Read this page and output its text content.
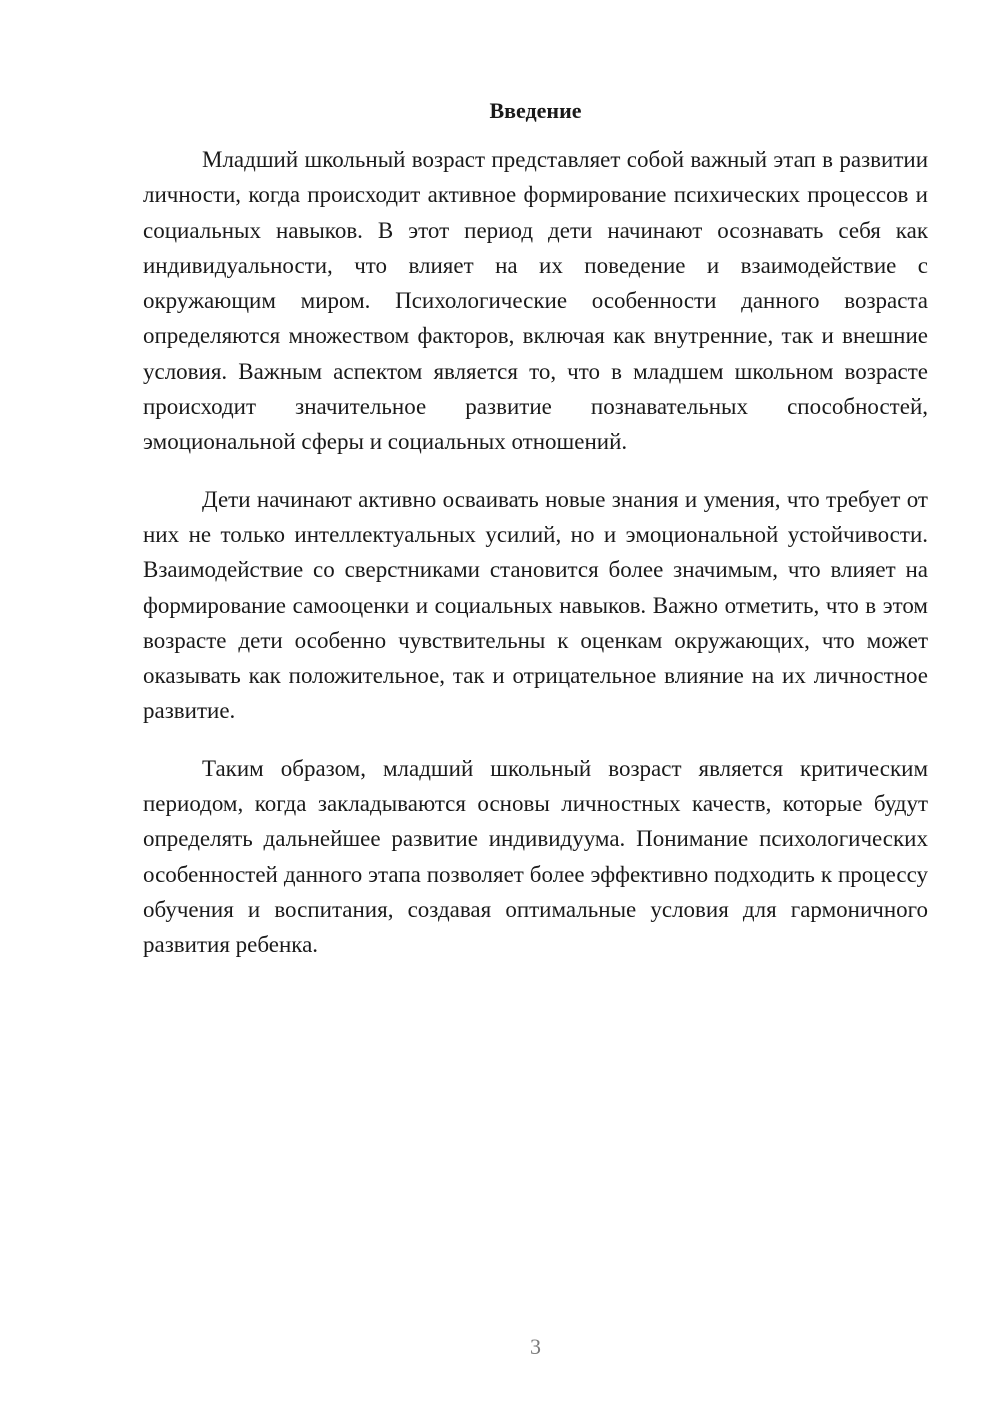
Введение

Младший школьный возраст представляет собой важный этап в развитии личности, когда происходит активное формирование психических процессов и социальных навыков. В этот период дети начинают осознавать себя как индивидуальности, что влияет на их поведение и взаимодействие с окружающим миром. Психологические особенности данного возраста определяются множеством факторов, включая как внутренние, так и внешние условия. Важным аспектом является то, что в младшем школьном возрасте происходит значительное развитие познавательных способностей, эмоциональной сферы и социальных отношений.

Дети начинают активно осваивать новые знания и умения, что требует от них не только интеллектуальных усилий, но и эмоциональной устойчивости. Взаимодействие со сверстниками становится более значимым, что влияет на формирование самооценки и социальных навыков. Важно отметить, что в этом возрасте дети особенно чувствительны к оценкам окружающих, что может оказывать как положительное, так и отрицательное влияние на их личностное развитие.

Таким образом, младший школьный возраст является критическим периодом, когда закладываются основы личностных качеств, которые будут определять дальнейшее развитие индивидуума. Понимание психологических особенностей данного этапа позволяет более эффективно подходить к процессу обучения и воспитания, создавая оптимальные условия для гармоничного развития ребенка.

3
